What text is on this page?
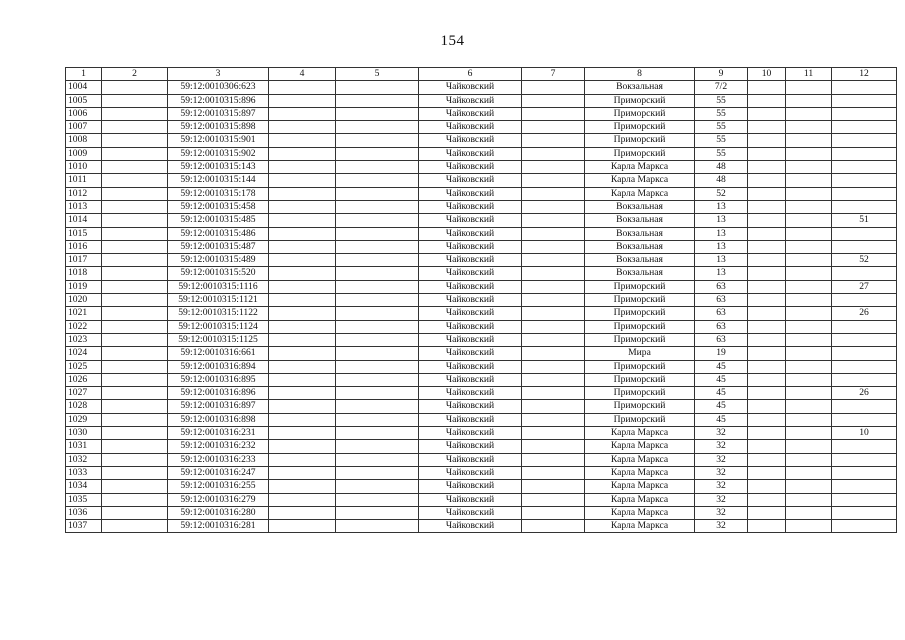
154
1	2	3	4	5	6	7	8	9	10	11	12
1004		59:12:0010306:623			Чайковский		Вокзальная	7/2			
1005		59:12:0010315:896			Чайковский		Приморский	55			
1006		59:12:0010315:897			Чайковский		Приморский	55			
1007		59:12:0010315:898			Чайковский		Приморский	55			
1008		59:12:0010315:901			Чайковский		Приморский	55			
1009		59:12:0010315:902			Чайковский		Приморский	55			
1010		59:12:0010315:143			Чайковский		Карла Маркса	48			
1011		59:12:0010315:144			Чайковский		Карла Маркса	48			
1012		59:12:0010315:178			Чайковский		Карла Маркса	52			
1013		59:12:0010315:458			Чайковский		Вокзальная	13			
1014		59:12:0010315:485			Чайковский		Вокзальная	13			51
1015		59:12:0010315:486			Чайковский		Вокзальная	13			
1016		59:12:0010315:487			Чайковский		Вокзальная	13			
1017		59:12:0010315:489			Чайковский		Вокзальная	13			52
1018		59:12:0010315:520			Чайковский		Вокзальная	13			
1019		59:12:0010315:1116			Чайковский		Приморский	63			27
1020		59:12:0010315:1121			Чайковский		Приморский	63			
1021		59:12:0010315:1122			Чайковский		Приморский	63			26
1022		59:12:0010315:1124			Чайковский		Приморский	63			
1023		59:12:0010315:1125			Чайковский		Приморский	63			
1024		59:12:0010316:661			Чайковский		Мира	19			
1025		59:12:0010316:894			Чайковский		Приморский	45			
1026		59:12:0010316:895			Чайковский		Приморский	45			
1027		59:12:0010316:896			Чайковский		Приморский	45			26
1028		59:12:0010316:897			Чайковский		Приморский	45			
1029		59:12:0010316:898			Чайковский		Приморский	45			
1030		59:12:0010316:231			Чайковский		Карла Маркса	32			10
1031		59:12:0010316:232			Чайковский		Карла Маркса	32			
1032		59:12:0010316:233			Чайковский		Карла Маркса	32			
1033		59:12:0010316:247			Чайковский		Карла Маркса	32			
1034		59:12:0010316:255			Чайковский		Карла Маркса	32			
1035		59:12:0010316:279			Чайковский		Карла Маркса	32			
1036		59:12:0010316:280			Чайковский		Карла Маркса	32			
1037		59:12:0010316:281			Чайковский		Карла Маркса	32			
